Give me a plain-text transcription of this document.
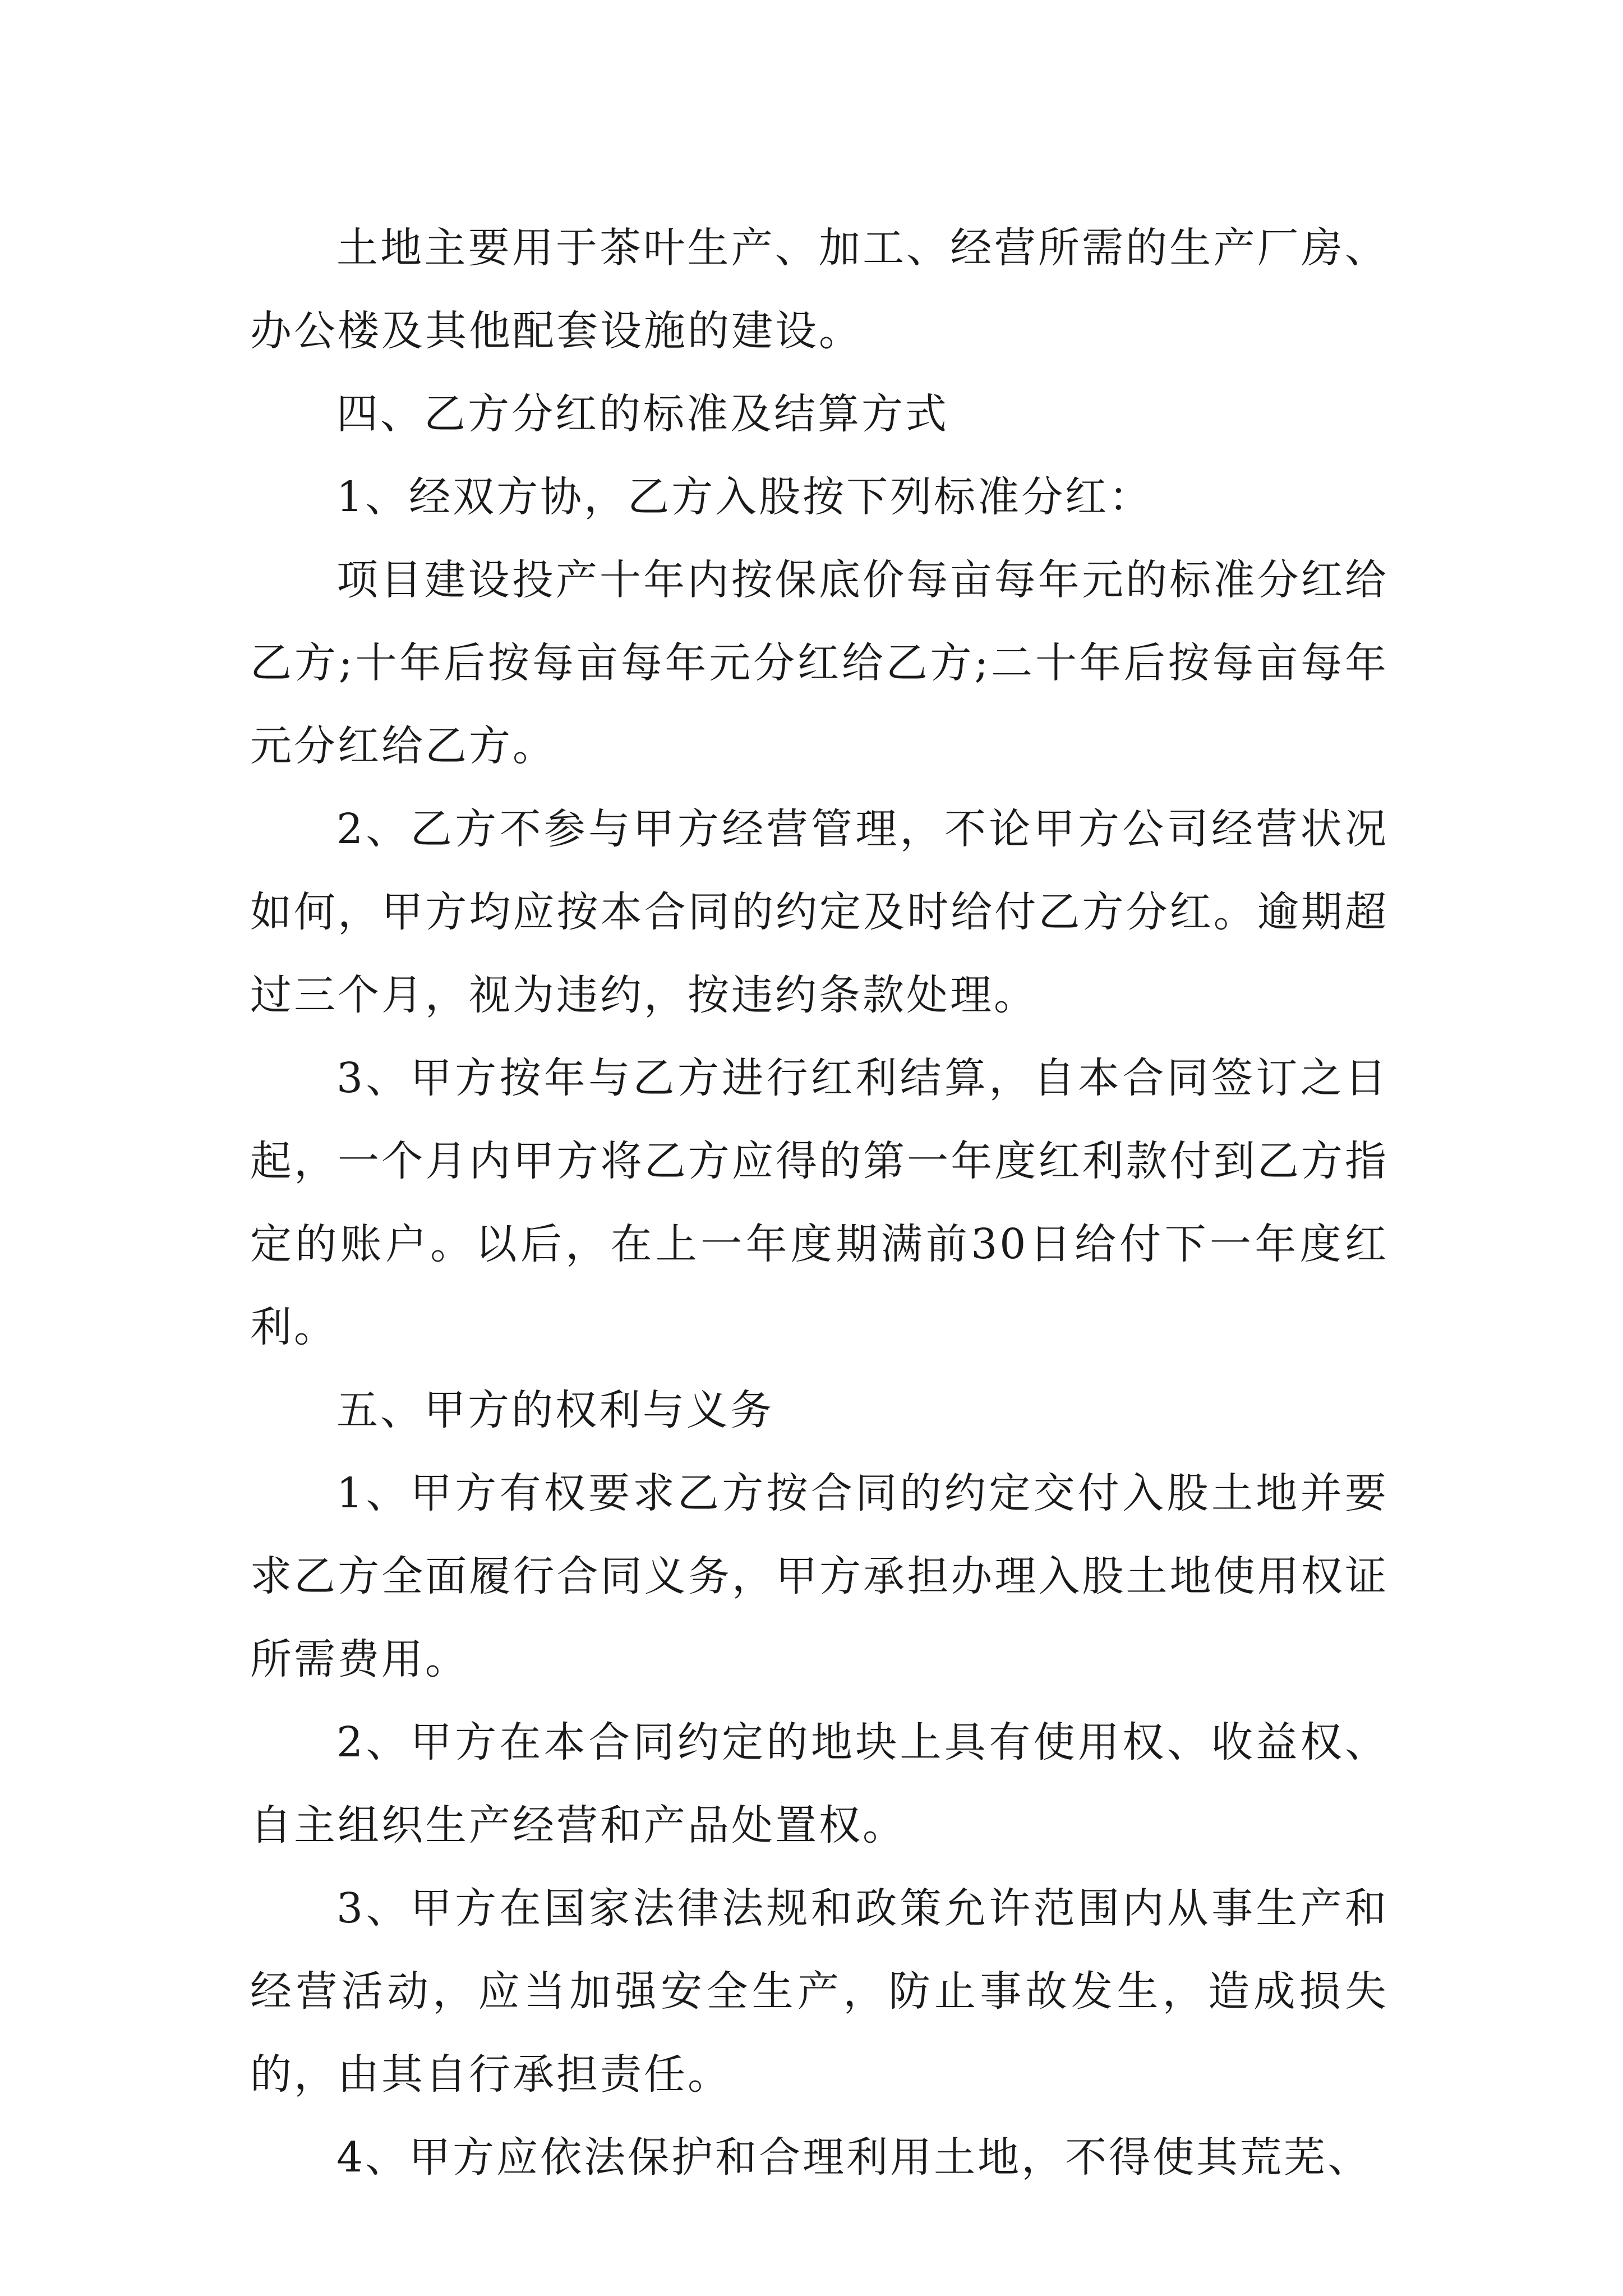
土地主要用于茶叶生产、加工、经营所需的生产厂房、办公楼及其他配套设施的建设。

四、乙方分红的标准及结算方式

1、经双方协，乙方入股按下列标准分红：

项目建设投产十年内按保底价每亩每年元的标准分红给乙方;十年后按每亩每年元分红给乙方;二十年后按每亩每年元分红给乙方。

2、乙方不参与甲方经营管理，不论甲方公司经营状况如何，甲方均应按本合同的约定及时给付乙方分红。逾期超过三个月，视为违约，按违约条款处理。

3、甲方按年与乙方进行红利结算，自本合同签订之日起，一个月内甲方将乙方应得的第一年度红利款付到乙方指定的账户。以后，在上一年度期满前30日给付下一年度红利。

五、甲方的权利与义务

1、甲方有权要求乙方按合同的约定交付入股土地并要求乙方全面履行合同义务，甲方承担办理入股土地使用权证所需费用。

2、甲方在本合同约定的地块上具有使用权、收益权、自主组织生产经营和产品处置权。

3、甲方在国家法律法规和政策允许范围内从事生产和经营活动，应当加强安全生产，防止事故发生，造成损失的，由其自行承担责任。

4、甲方应依法保护和合理利用土地，不得使其荒芜、
